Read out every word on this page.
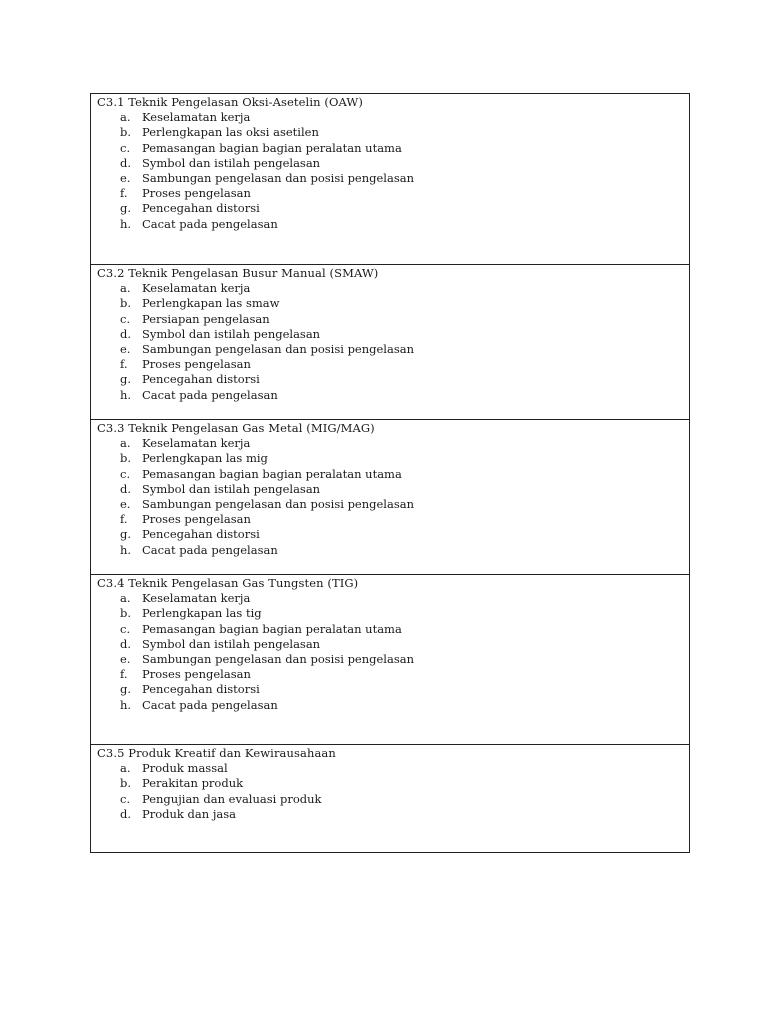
C3.1 Teknik Pengelasan Oksi-Asetelin (OAW)
a. Keselamatan kerja
b. Perlengkapan las oksi asetilen
c.	Pemasangan bagian bagian peralatan utama
d. Symbol dan istilah pengelasan
e.	Sambungan pengelasan dan posisi pengelasan
f.	Proses pengelasan
g. Pencegahan distorsi
h. Cacat pada pengelasan
C3.2 Teknik Pengelasan Busur Manual (SMAW)
a. Keselamatan kerja
b. Perlengkapan las smaw
c.	Persiapan pengelasan
d. Symbol dan istilah pengelasan
e.	Sambungan pengelasan dan posisi pengelasan
f.	Proses pengelasan
g. Pencegahan distorsi
h. Cacat pada pengelasan
C3.3 Teknik Pengelasan Gas Metal (MIG/MAG)
a. Keselamatan kerja
b. Perlengkapan las mig
c.	Pemasangan bagian bagian peralatan utama
d. Symbol dan istilah pengelasan
e.	Sambungan pengelasan dan posisi pengelasan
f.	Proses pengelasan
g. Pencegahan distorsi
h. Cacat pada pengelasan
C3.4 Teknik Pengelasan Gas Tungsten (TIG)
a. Keselamatan kerja
b. Perlengkapan las tig
c.	Pemasangan bagian bagian peralatan utama
d. Symbol dan istilah pengelasan
e.	Sambungan pengelasan dan posisi pengelasan
f.	Proses pengelasan
g. Pencegahan distorsi
h. Cacat pada pengelasan
C3.5 Produk Kreatif dan Kewirausahaan
a. Produk massal
b. Perakitan produk
c.	Pengujian dan evaluasi produk
d. Produk dan jasa
